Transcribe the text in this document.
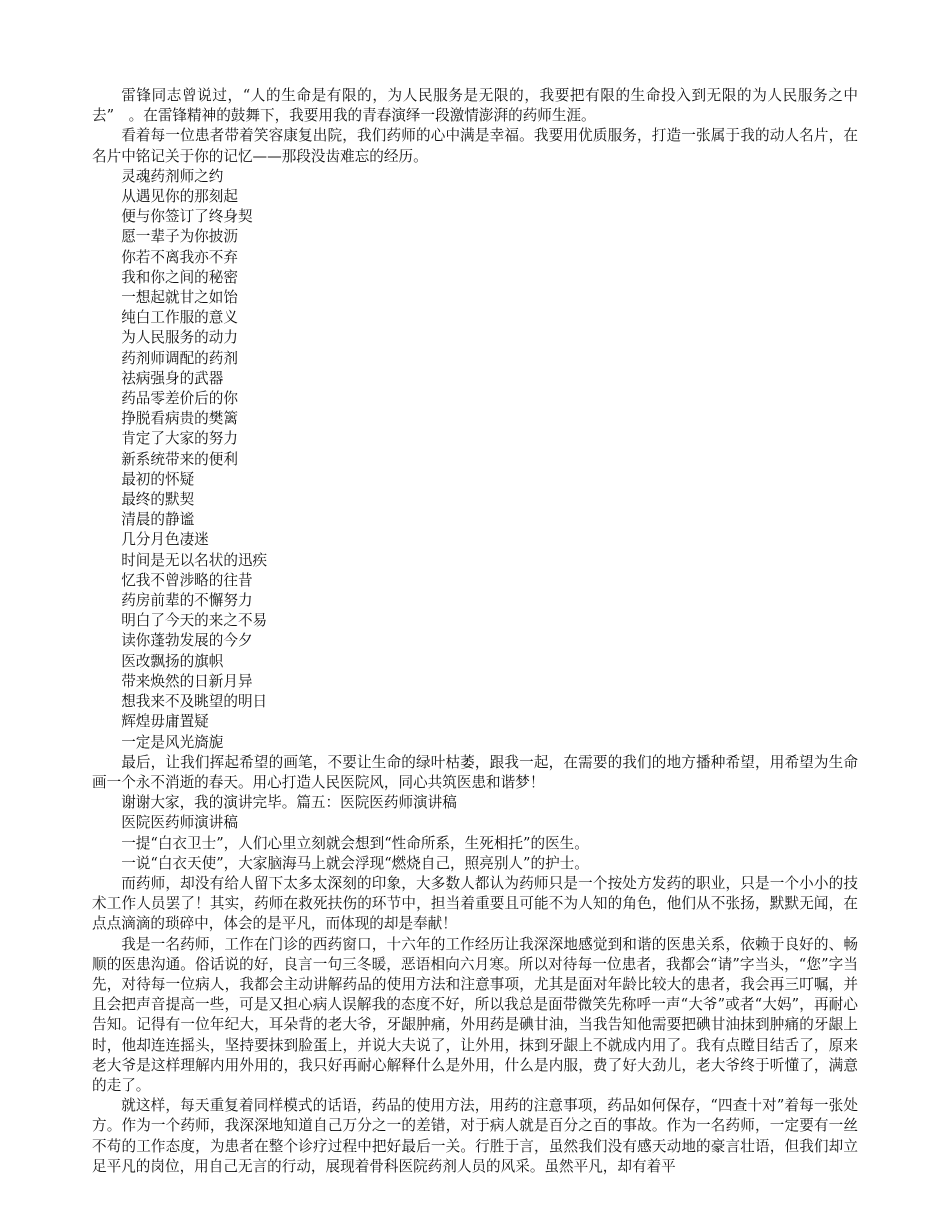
雷锋同志曾说过，“人的生命是有限的，为人民服务是无限的，我要把有限的生命投入到无限的为人民服务之中去”　。在雷锋精神的鼓舞下，我要用我的青春演绎一段激情澎湃的药师生涯。

看着每一位患者带着笑容康复出院，我们药师的心中满是幸福。我要用优质服务，打造一张属于我的动人名片，在名片中铭记关于你的记忆——那段没齿难忘的经历。

灵魂药剂师之约

从遇见你的那刻起

便与你签订了终身契

愿一辈子为你披沥

你若不离我亦不弃

我和你之间的秘密

一想起就甘之如饴

纯白工作服的意义

为人民服务的动力

药剂师调配的药剂

祛病强身的武器

药品零差价后的你

挣脱看病贵的樊篱

肯定了大家的努力

新系统带来的便利

最初的怀疑

最终的默契

清晨的静谧

几分月色凄迷

时间是无以名状的迅疾

忆我不曾涉略的往昔

药房前辈的不懈努力

明白了今天的来之不易

读你蓬勃发展的今夕

医改飘扬的旗帜

带来焕然的日新月异

想我来不及眺望的明日

辉煌毋庸置疑

一定是风光旖旎

最后，让我们挥起希望的画笔，不要让生命的绿叶枯萎，跟我一起，在需要的我们的地方播种希望，用希望为生命画一个永不消逝的春天。用心打造人民医院风，同心共筑医患和谐梦！

谢谢大家，我的演讲完毕。篇五：医院医药师演讲稿

医院医药师演讲稿

一提“白衣卫士”，人们心里立刻就会想到“性命所系，生死相托”的医生。

一说“白衣天使”，大家脑海马上就会浮现“燃烧自己，照亮别人”的护士。

而药师，却没有给人留下太多太深刻的印象，大多数人都认为药师只是一个按处方发药的职业，只是一个小小的技术工作人员罢了！其实，药师在救死扶伤的环节中，担当着重要且可能不为人知的角色，他们从不张扬，默默无闻，在点点滴滴的琐碎中，体会的是平凡，而体现的却是奉献！

我是一名药师，工作在门诊的西药窗口，十六年的工作经历让我深深地感觉到和谐的医患关系，依赖于良好的、畅顺的医患沟通。俗话说的好，良言一句三冬暖，恶语相向六月寒。所以对待每一位患者，我都会“请”字当头，“您”字当先，对待每一位病人，我都会主动讲解药品的使用方法和注意事项，尤其是面对年龄比较大的患者，我会再三叮嘱，并且会把声音提高一些，可是又担心病人误解我的态度不好，所以我总是面带微笑先称呼一声“大爷”或者“大妈”，再耐心告知。记得有一位年纪大，耳朵背的老大爷，牙龈肿痛，外用药是碘甘油，当我告知他需要把碘甘油抹到肿痛的牙龈上时，他却连连摇头，坚持要抹到脸蛋上，并说大夫说了，让外用，抹到牙龈上不就成内用了。我有点瞠目结舌了，原来老大爷是这样理解内用外用的，我只好再耐心解释什么是外用，什么是内服，费了好大劲儿，老大爷终于听懂了，满意的走了。

就这样，每天重复着同样模式的话语，药品的使用方法，用药的注意事项，药品如何保存，“四查十对”着每一张处方。作为一个药师，我深深地知道自己万分之一的差错，对于病人就是百分之百的事故。作为一名药师，一定要有一丝不苟的工作态度，为患者在整个诊疗过程中把好最后一关。行胜于言，虽然我们没有感天动地的豪言壮语，但我们却立足平凡的岗位，用自己无言的行动，展现着骨科医院药剂人员的风采。虽然平凡，却有着平
